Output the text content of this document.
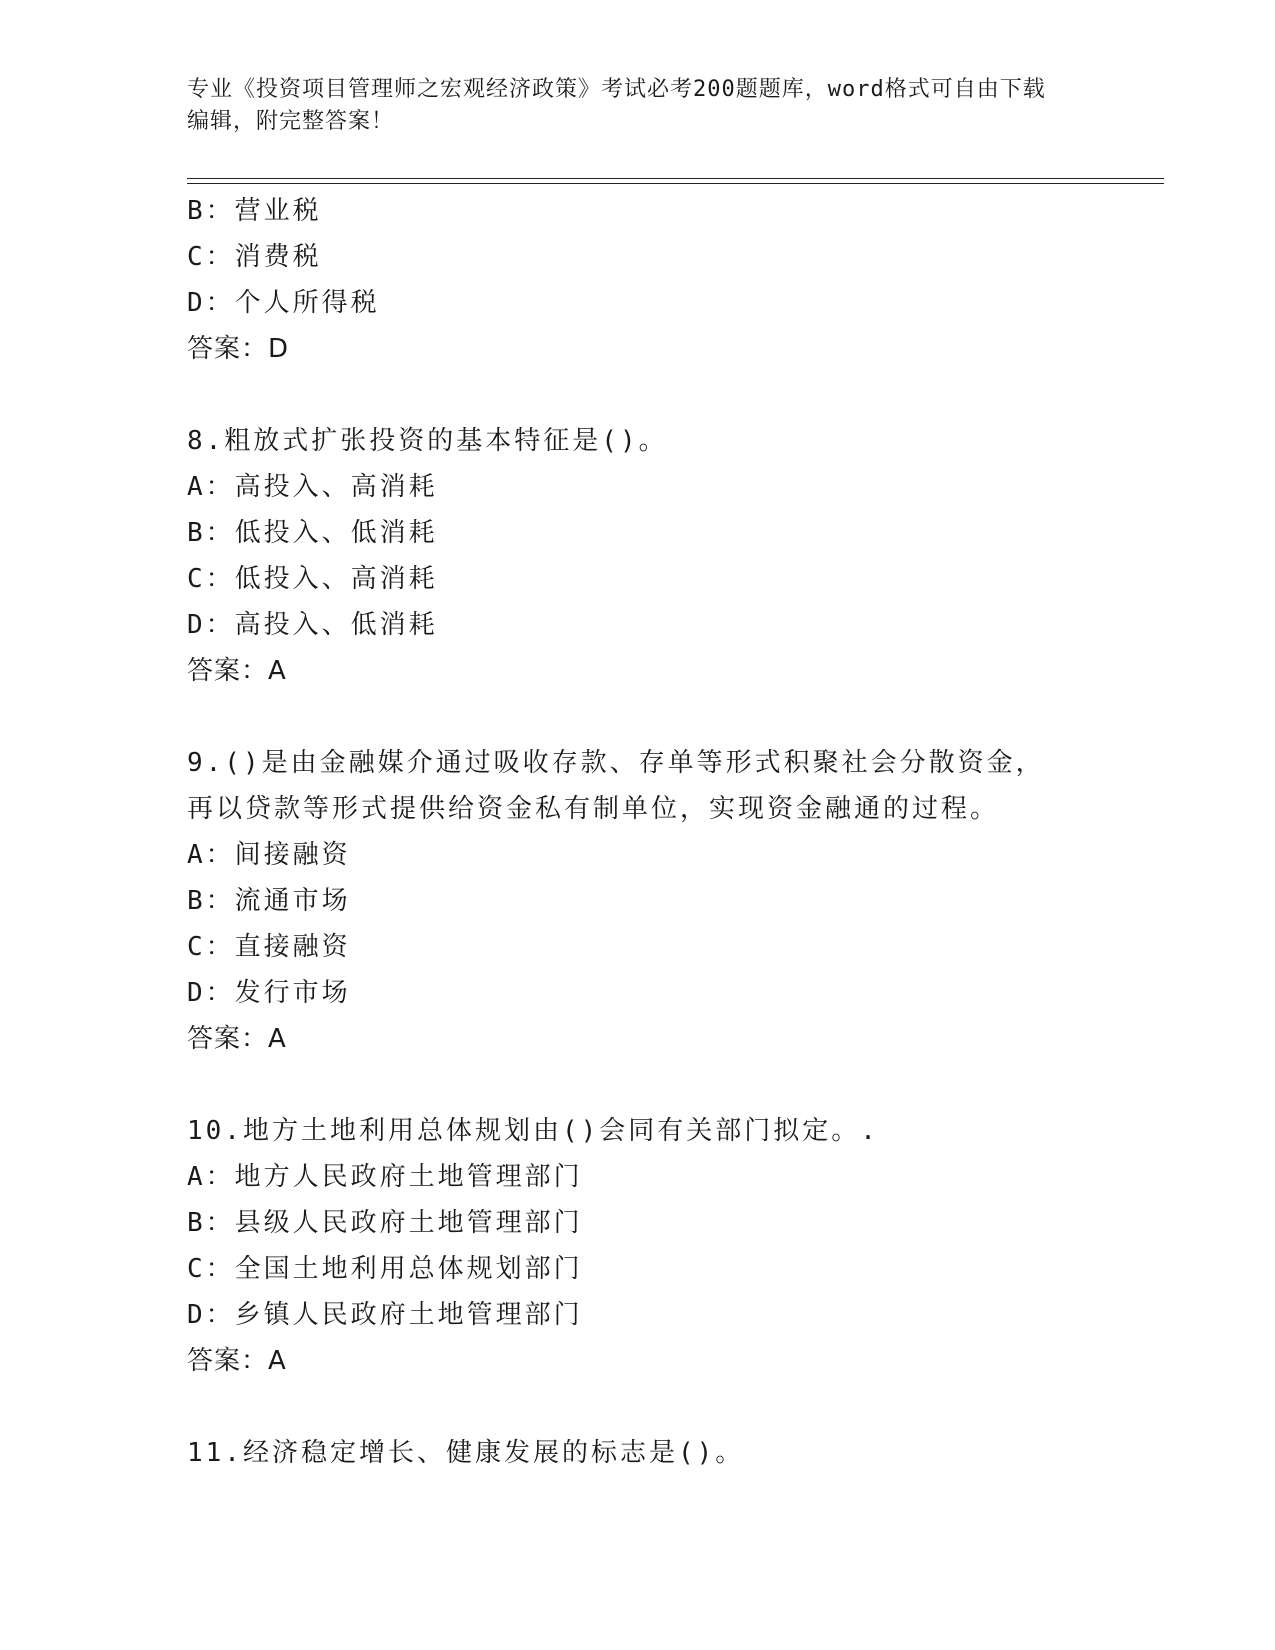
专业《投资项目管理师之宏观经济政策》考试必考200题题库，word格式可自由下载编辑，附完整答案！
B：营业税
C：消费税
D：个人所得税
答案：D
8.粗放式扩张投资的基本特征是()。
A：高投入、高消耗
B：低投入、低消耗
C：低投入、高消耗
D：高投入、低消耗
答案：A
9.()是由金融媒介通过吸收存款、存单等形式积聚社会分散资金，再以贷款等形式提供给资金私有制单位，实现资金融通的过程。
A：间接融资
B：流通市场
C：直接融资
D：发行市场
答案：A
10.地方土地利用总体规划由()会同有关部门拟定。.
A：地方人民政府土地管理部门
B：县级人民政府土地管理部门
C：全国土地利用总体规划部门
D：乡镇人民政府土地管理部门
答案：A
11.经济稳定增长、健康发展的标志是()。
